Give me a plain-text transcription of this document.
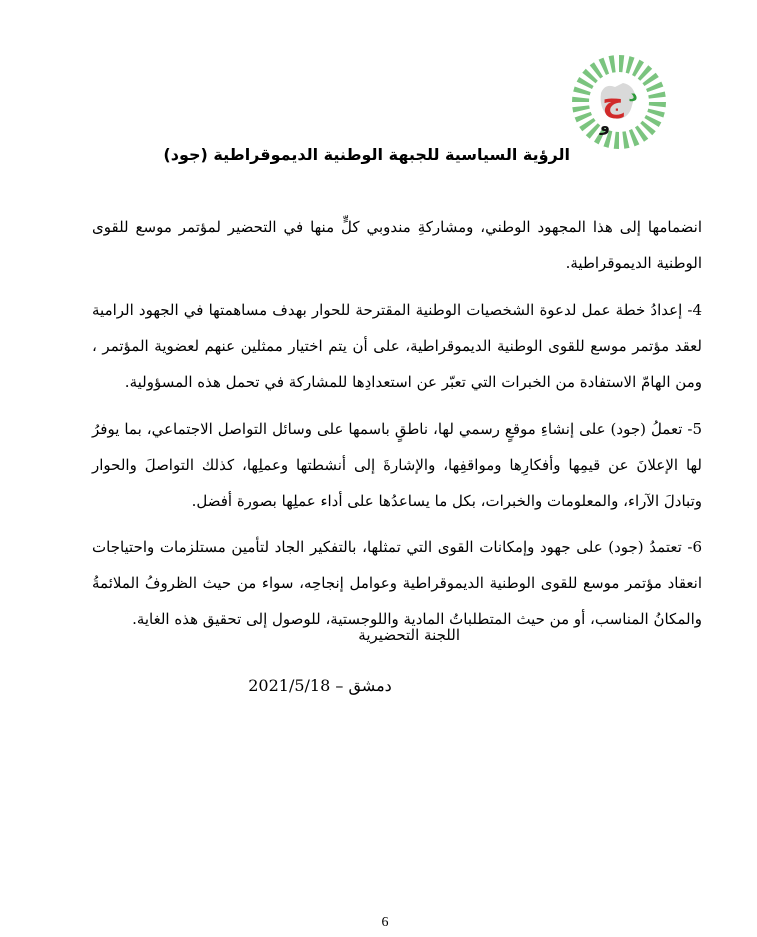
ج د
و
الرؤية السياسية للجبهة الوطنية الديموقراطية (جود)

انضمامها إلى هذا المجهود الوطني، ومشاركةِ مندوبي كلٍّ منها في التحضير لمؤتمر موسع للقوى الوطنية الديموقراطية.

4- إعدادُ خطة عمل لدعوة الشخصيات الوطنية المقترحة للحوار بهدف مساهمتها في الجهود الرامية لعقد مؤتمر موسع للقوى الوطنية الديموقراطية، على أن يتم اختيار ممثلين عنهم لعضوية المؤتمر ، ومن الهامّ الاستفادة من الخبرات التي تعبّر عن استعدادِها للمشاركة في تحمل هذه المسؤولية.

5- تعملُ (جود) على إنشاءِ موقعٍ رسمي لها، ناطقٍ باسمها على وسائل التواصل الاجتماعي، بما يوفرُ لها الإعلانَ عن قيمِها وأفكارِها ومواقفِها، والإشارةَ إلى أنشطتها وعملِها، كذلك التواصلَ والحوار وتبادلَ الآراء، والمعلومات والخبرات، بكل ما يساعدُها على أداء عملِها بصورة أفضل.

6- تعتمدُ (جود) على جهود وإمكانات القوى التي تمثلها، بالتفكير الجاد لتأمين مستلزمات واحتياجات انعقاد مؤتمر موسع للقوى الوطنية الديموقراطية وعوامل إنجاحِه، سواء من حيث الظروفُ الملائمةُ والمكانُ المناسب، أو من حيث المتطلباتُ المادية واللوجستية، للوصول إلى تحقيق هذه الغاية.

اللجنة التحضيرية
دمشق – 2021/5/18
6
